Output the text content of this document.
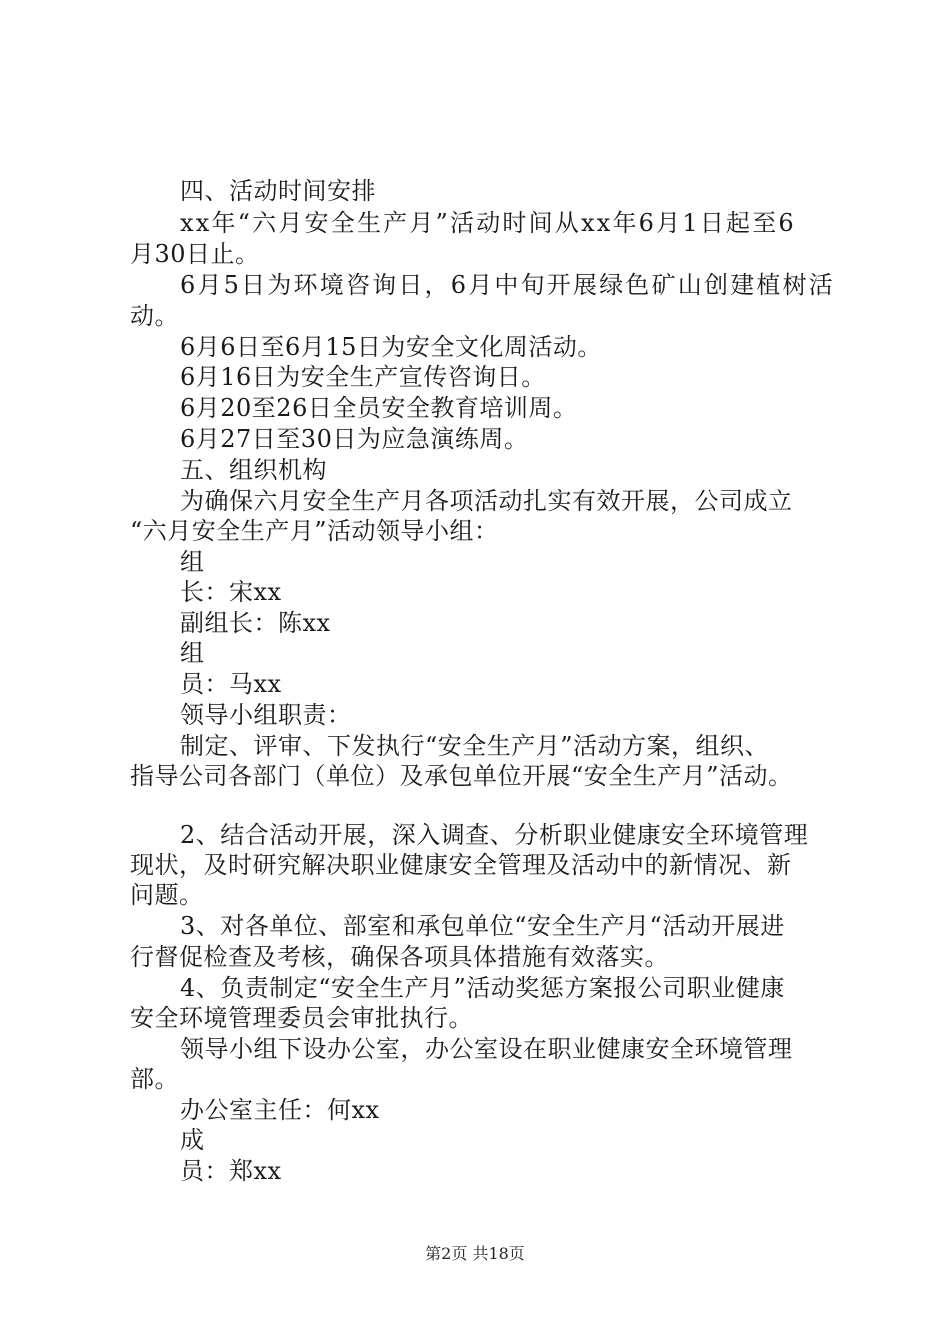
四、活动时间安排
xx年“六月安全生产月”活动时间从xx年6月1日起至6
月30日止。
6月5日为环境咨询日，6月中旬开展绿色矿山创建植树活
动。
6月6日至6月15日为安全文化周活动。
6月16日为安全生产宣传咨询日。
6月20至26日全员安全教育培训周。
6月27日至30日为应急演练周。
五、组织机构
为确保六月安全生产月各项活动扎实有效开展，公司成立
“六月安全生产月”活动领导小组：
组
长：宋xx
副组长：陈xx
组
员：马xx
领导小组职责：
制定、评审、下发执行“安全生产月”活动方案，组织、
指导公司各部门（单位）及承包单位开展“安全生产月”活动。
2、结合活动开展，深入调查、分析职业健康安全环境管理
现状，及时研究解决职业健康安全管理及活动中的新情况、新
问题。
3、对各单位、部室和承包单位“安全生产月“活动开展进
行督促检查及考核，确保各项具体措施有效落实。
4、负责制定“安全生产月”活动奖惩方案报公司职业健康
安全环境管理委员会审批执行。
领导小组下设办公室，办公室设在职业健康安全环境管理
部。
办公室主任：何xx
成
员：郑xx
第2页 共18页
